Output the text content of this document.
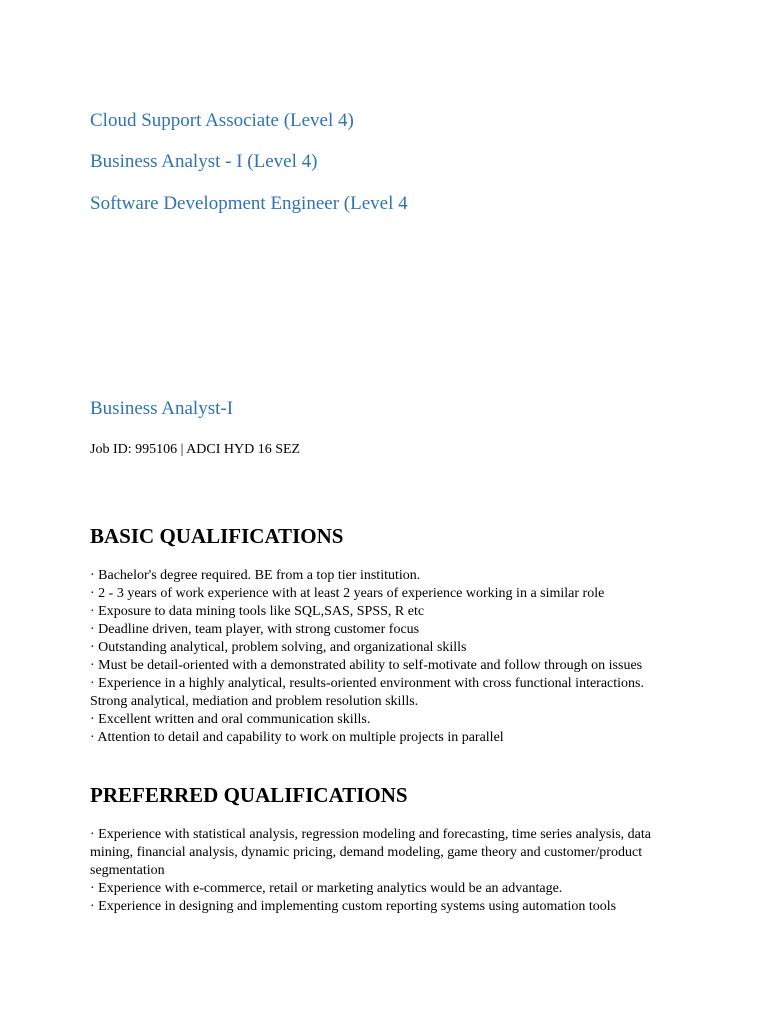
Cloud Support Associate (Level 4)
Business Analyst - I (Level 4)
Software Development Engineer (Level 4
Business Analyst-I
Job ID: 995106 | ADCI HYD 16 SEZ
BASIC QUALIFICATIONS
· Bachelor's degree required. BE from a top tier institution.
· 2 - 3 years of work experience with at least 2 years of experience working in a similar role
· Exposure to data mining tools like SQL,SAS, SPSS, R etc
· Deadline driven, team player, with strong customer focus
· Outstanding analytical, problem solving, and organizational skills
· Must be detail-oriented with a demonstrated ability to self-motivate and follow through on issues
· Experience in a highly analytical, results-oriented environment with cross functional interactions. Strong analytical, mediation and problem resolution skills.
· Excellent written and oral communication skills.
· Attention to detail and capability to work on multiple projects in parallel
PREFERRED QUALIFICATIONS
· Experience with statistical analysis, regression modeling and forecasting, time series analysis, data mining, financial analysis, dynamic pricing, demand modeling, game theory and customer/product segmentation
· Experience with e-commerce, retail or marketing analytics would be an advantage.
· Experience in designing and implementing custom reporting systems using automation tools
